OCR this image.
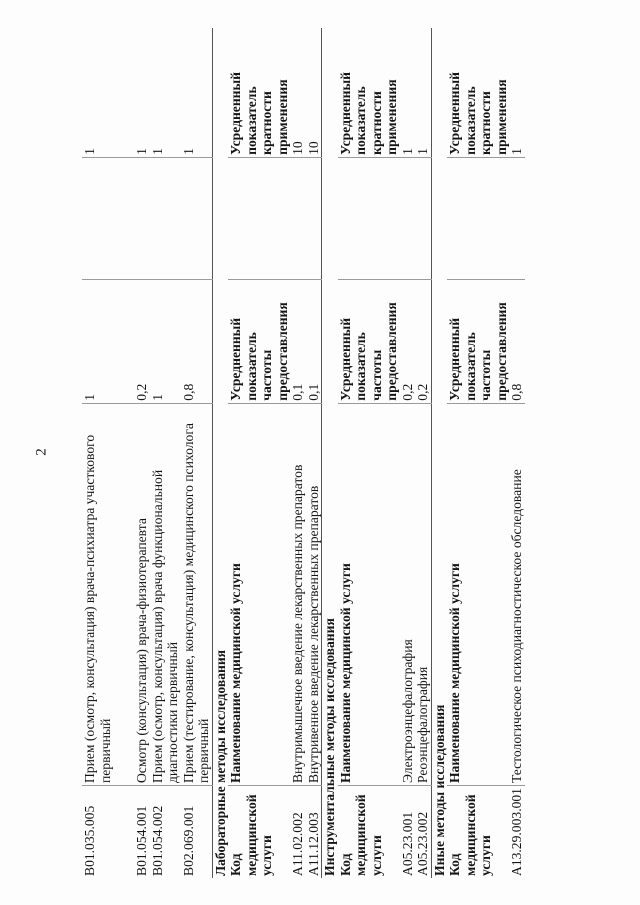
2
B01.035.005	Прием (осмотр, консультация) врача-психиатра участкового первичный	1		1

B01.054.001	Осмотр (консультация) врача-физиотерапевта	0,2		1
B01.054.002	Прием (осмотр, консультация) врача функциональной диагностики первичный	1		1
B02.069.001	Прием (тестирование, консультация) медицинского психолога первичный	0,8		1
Лабораторные методы исследования				
Код медицинской услуги	Наименование медицинской услуги	Усредненный показатель частоты предоставления		Усредненный показатель кратности применения
A11.02.002	Внутримышечное введение лекарственных препаратов	0,1		10
A11.12.003	Внутривенное введение лекарственных препаратов	0,1		10
Инструментальные методы исследования				
Код медицинской услуги	Наименование медицинской услуги	Усредненный показатель частоты предоставления		Усредненный показатель кратности применения
A05.23.001	Электроэнцефалография	0,2		1
A05.23.002	Реоэнцефалография	0,2		1
Иные методы исследования				
Код медицинской услуги	Наименование медицинской услуги	Усредненный показатель частоты предоставления		Усредненный показатель кратности применения
A13.29.003.001	Тестологическое психодиагностическое обследование	0,8		1
